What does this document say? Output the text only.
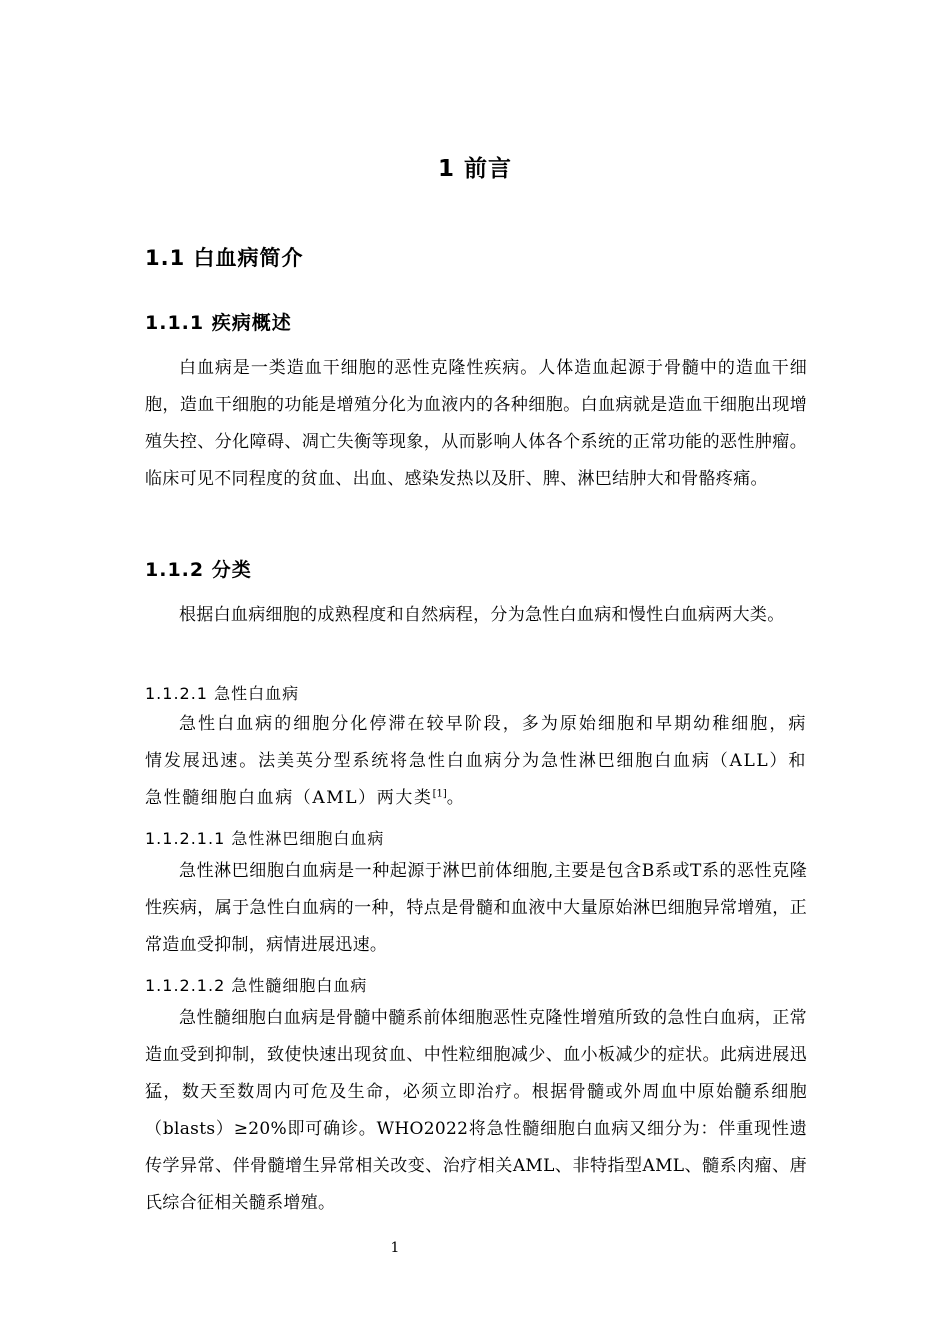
1 前言
1.1 白血病简介
1.1.1 疾病概述

白血病是一类造血干细胞的恶性克隆性疾病。人体造血起源于骨髓中的造血干细胞，造血干细胞的功能是增殖分化为血液内的各种细胞。白血病就是造血干细胞出现增殖失控、分化障碍、凋亡失衡等现象，从而影响人体各个系统的正常功能的恶性肿瘤。临床可见不同程度的贫血、出血、感染发热以及肝、脾、淋巴结肿大和骨骼疼痛。

1.1.2 分类

根据白血病细胞的成熟程度和自然病程，分为急性白血病和慢性白血病两大类。

1.1.2.1 急性白血病

急性白血病的细胞分化停滞在较早阶段，多为原始细胞和早期幼稚细胞，病情发展迅速。法美英分型系统将急性白血病分为急性淋巴细胞白血病（ALL）和急性髓细胞白血病（AML）两大类[1]。

1.1.2.1.1 急性淋巴细胞白血病

急性淋巴细胞白血病是一种起源于淋巴前体细胞,主要是包含B系或T系的恶性克隆性疾病，属于急性白血病的一种，特点是骨髓和血液中大量原始淋巴细胞异常增殖，正常造血受抑制，病情进展迅速。

1.1.2.1.2 急性髓细胞白血病

急性髓细胞白血病是骨髓中髓系前体细胞恶性克隆性增殖所致的急性白血病，正常造血受到抑制，致使快速出现贫血、中性粒细胞减少、血小板减少的症状。此病进展迅猛，数天至数周内可危及生命，必须立即治疗。根据骨髓或外周血中原始髓系细胞（blasts）≥20%即可确诊。WHO2022将急性髓细胞白血病又细分为：伴重现性遗传学异常、伴骨髓增生异常相关改变、治疗相关AML、非特指型AML、髓系肉瘤、唐氏综合征相关髓系增殖。

1
